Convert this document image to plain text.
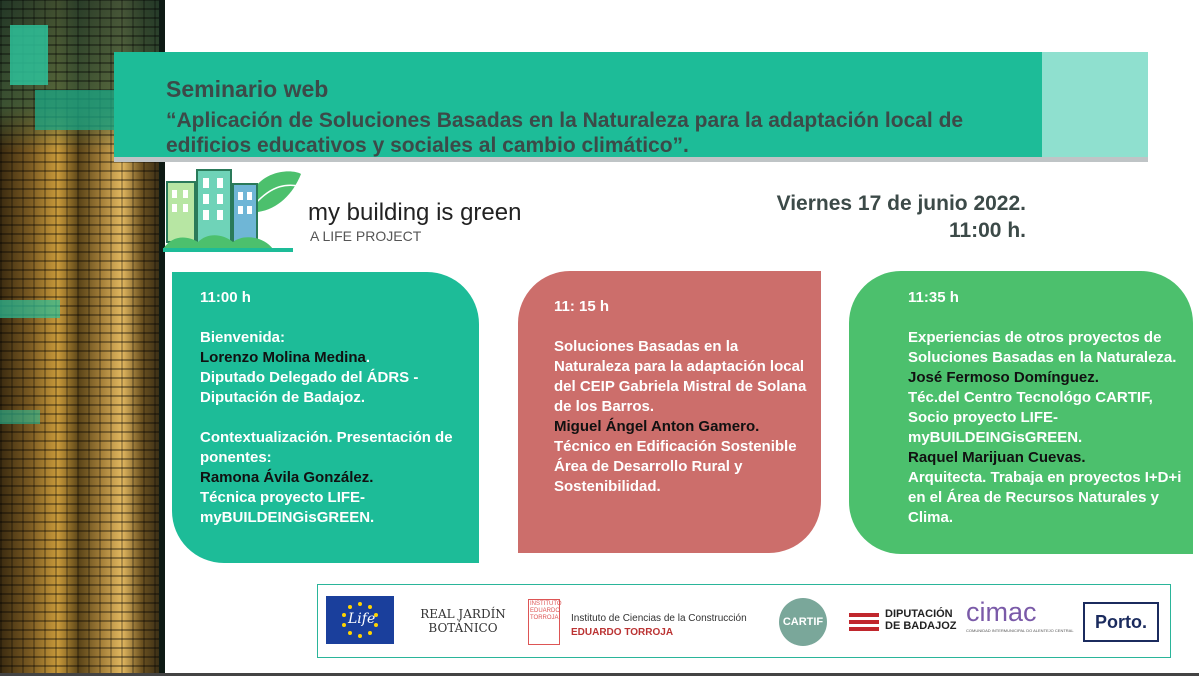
Seminario web
“Aplicación de Soluciones Basadas en la Naturaleza para la adaptación local de edificios educativos y sociales al cambio climático”.
my building is green
A LIFE PROJECT
Viernes 17 de junio 2022.
11:00 h.
11:00 h

Bienvenida:
Lorenzo Molina Medina.
Diputado Delegado del ÁDRS -Diputación de Badajoz.

Contextualización. Presentación de ponentes:
Ramona Ávila González.
Técnica proyecto LIFE-myBUILDEINGisGREEN.

11: 15 h

Soluciones Basadas en la Naturaleza para la adaptación local del CEIP Gabriela Mistral de Solana de los Barros.
Miguel Ángel Anton Gamero.
Técnico en Edificación Sostenible Área de Desarrollo Rural y Sostenibilidad.

11:35 h

Experiencias de otros proyectos de Soluciones Basadas en la Naturaleza.
José Fermoso Domínguez.
Téc.del Centro Tecnológo CARTIF, Socio proyecto LIFE-myBUILDEINGisGREEN.
Raquel Marijuan Cuevas.
Arquitecta. Trabaja en proyectos I+D+i en el Área de Recursos Naturales y Clima.

Life	REAL JARDÍN
BOTÁNICO
INSTITUTO EDUARDO TORROJA Instituto de Ciencias de la Construcción
EDUARDO TORROJA
CARTIF
DIPUTACIÓN
DE BADAJOZ cimac
COMUNIDAD INTERMUNICIPAL DO ALENTEJO CENTRAL	Porto.
